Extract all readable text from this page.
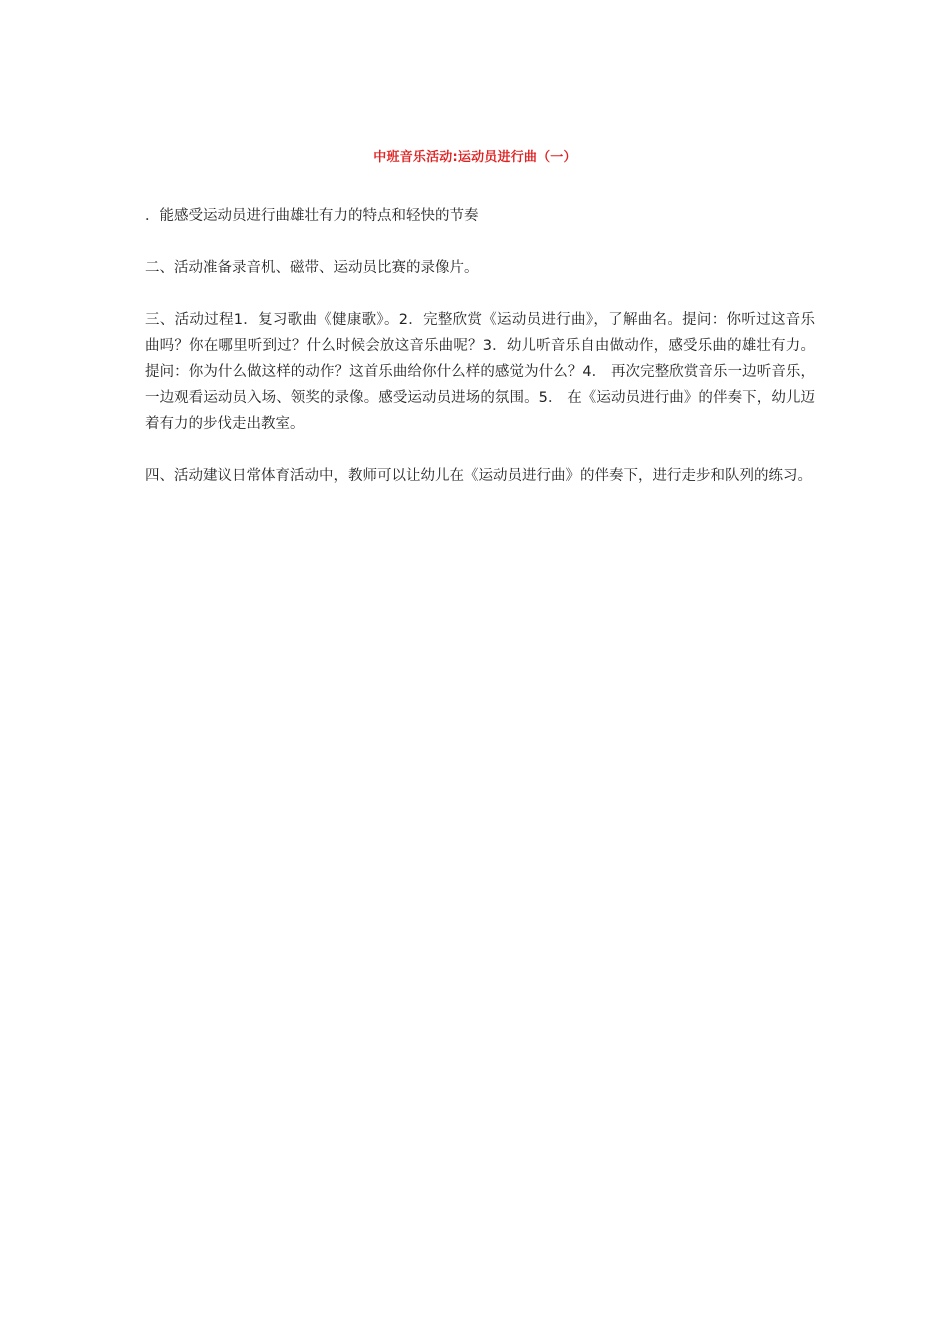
中班音乐活动:运动员进行曲（一）

．能感受运动员进行曲雄壮有力的特点和轻快的节奏

二、活动准备录音机、磁带、运动员比赛的录像片。

三、活动过程1．复习歌曲《健康歌》。2．完整欣赏《运动员进行曲》，了解曲名。提问：你听过这音乐曲吗？你在哪里听到过？什么时候会放这音乐曲呢？3．幼儿听音乐自由做动作，感受乐曲的雄壮有力。提问：你为什么做这样的动作？这首乐曲给你什么样的感觉为什么？4． 再次完整欣赏音乐一边听音乐，一边观看运动员入场、领奖的录像。感受运动员进场的氛围。5． 在《运动员进行曲》的伴奏下，幼儿迈着有力的步伐走出教室。

四、活动建议日常体育活动中，教师可以让幼儿在《运动员进行曲》的伴奏下，进行走步和队列的练习。
